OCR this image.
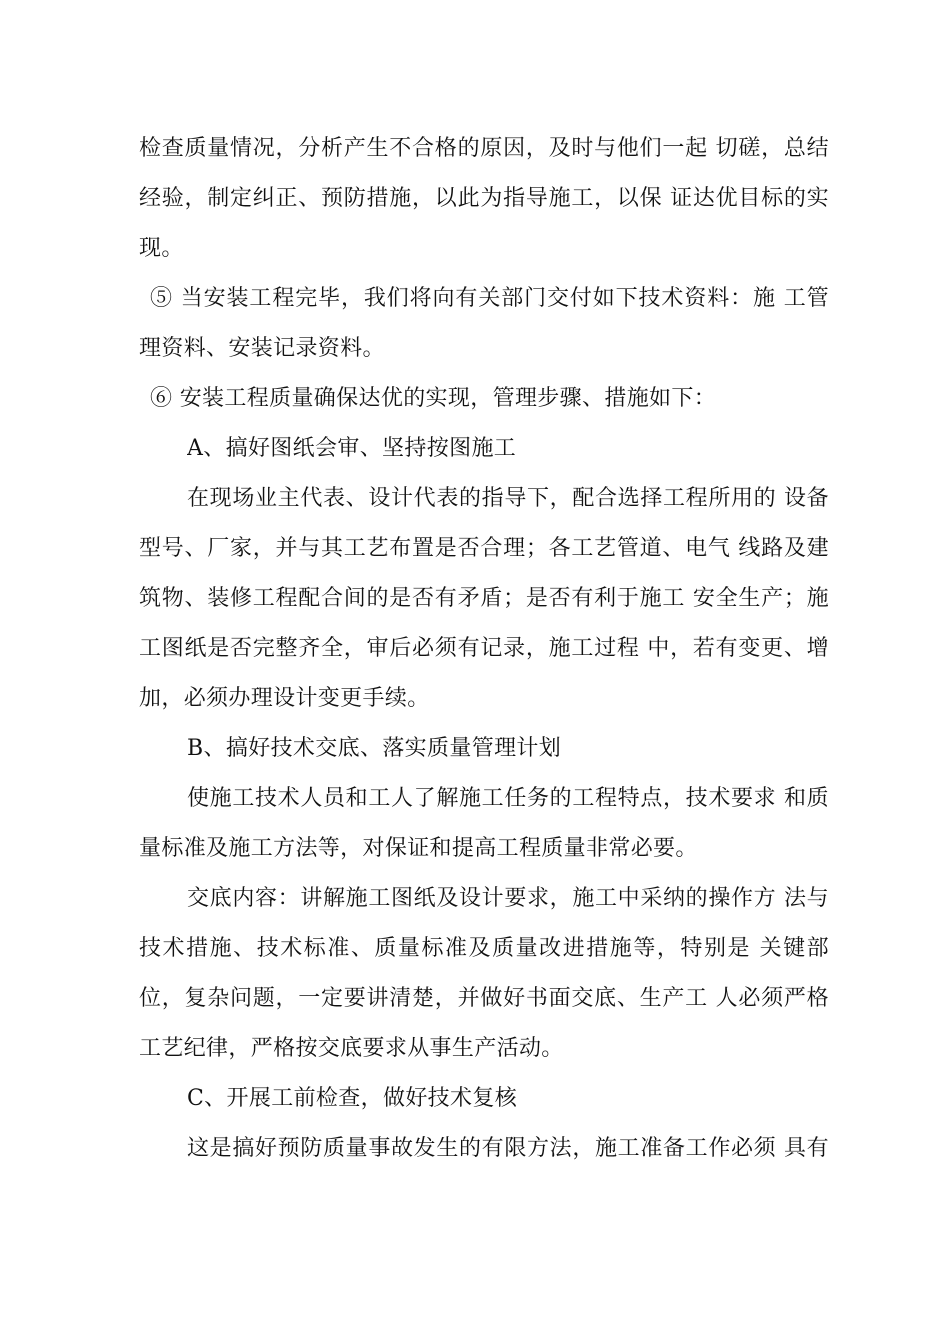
检查质量情况，分析产生不合格的原因，及时与他们一起 切磋，总结
经验，制定纠正、预防措施，以此为指导施工，以保 证达优目标的实
现。
⑤ 当安装工程完毕，我们将向有关部门交付如下技术资料：施 工管
理资料、安装记录资料。
⑥ 安装工程质量确保达优的实现，管理步骤、措施如下：
A、搞好图纸会审、坚持按图施工
在现场业主代表、设计代表的指导下，配合选择工程所用的 设备
型号、厂家，并与其工艺布置是否合理；各工艺管道、电气 线路及建
筑物、装修工程配合间的是否有矛盾；是否有利于施工 安全生产；施
工图纸是否完整齐全，审后必须有记录，施工过程 中，若有变更、增
加，必须办理设计变更手续。
B、搞好技术交底、落实质量管理计划
使施工技术人员和工人了解施工任务的工程特点，技术要求 和质
量标准及施工方法等，对保证和提高工程质量非常必要。
交底内容：讲解施工图纸及设计要求，施工中采纳的操作方 法与
技术措施、技术标准、质量标准及质量改进措施等，特别是 关键部
位，复杂问题，一定要讲清楚，并做好书面交底、生产工 人必须严格
工艺纪律，严格按交底要求从事生产活动。
C、开展工前检查，做好技术复核
这是搞好预防质量事故发生的有限方法，施工准备工作必须 具有
